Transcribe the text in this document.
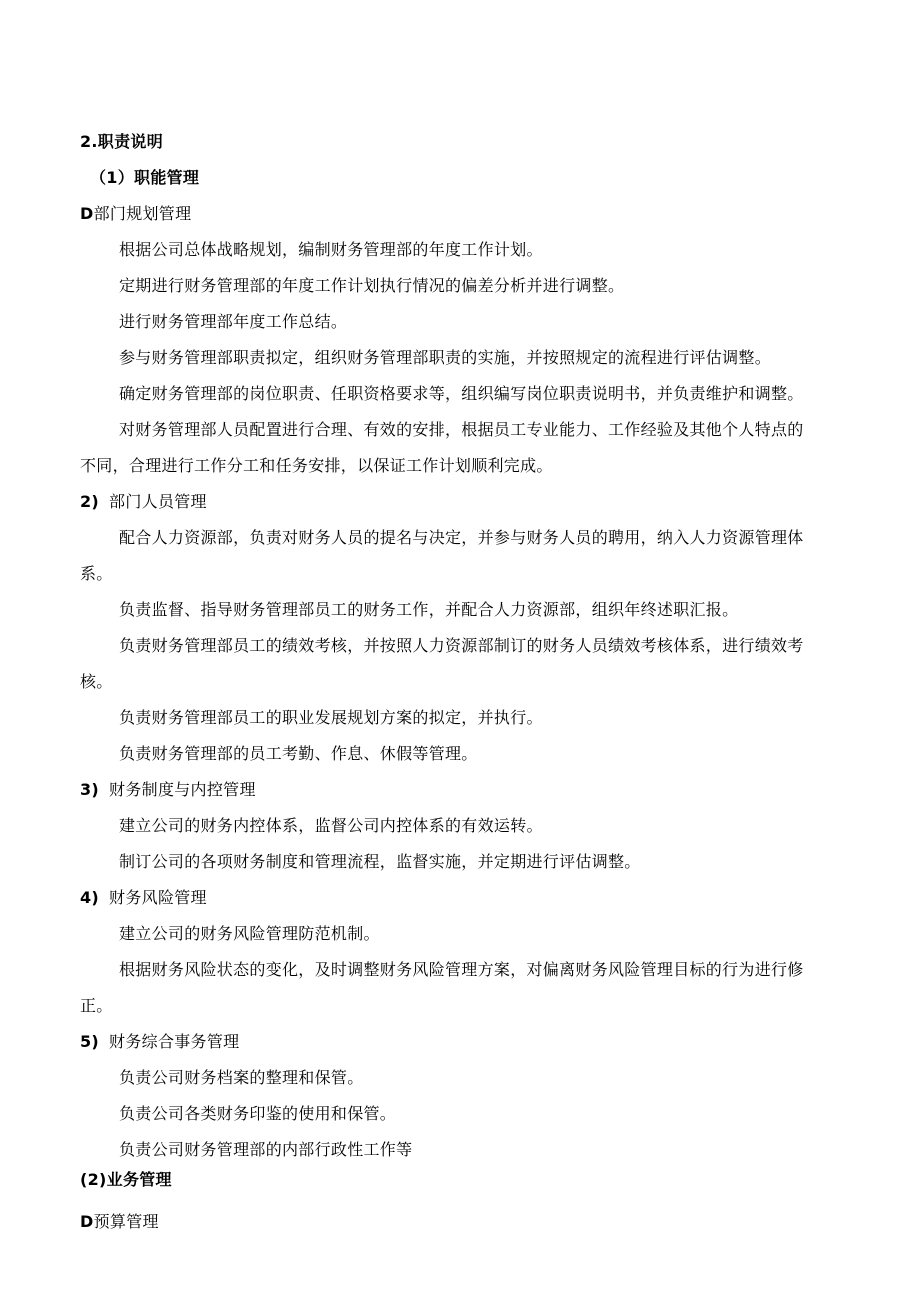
2.职责说明
（1）职能管理
D部门规划管理
根据公司总体战略规划，编制财务管理部的年度工作计划。
定期进行财务管理部的年度工作计划执行情况的偏差分析并进行调整。
进行财务管理部年度工作总结。
参与财务管理部职责拟定，组织财务管理部职责的实施，并按照规定的流程进行评估调整。
确定财务管理部的岗位职责、任职资格要求等，组织编写岗位职责说明书，并负责维护和调整。
对财务管理部人员配置进行合理、有效的安排，根据员工专业能力、工作经验及其他个人特点的
不同，合理进行工作分工和任务安排，以保证工作计划顺利完成。
2) 部门人员管理
配合人力资源部，负责对财务人员的提名与决定，并参与财务人员的聘用，纳入人力资源管理体
系。
负责监督、指导财务管理部员工的财务工作，并配合人力资源部，组织年终述职汇报。
负责财务管理部员工的绩效考核，并按照人力资源部制订的财务人员绩效考核体系，进行绩效考
核。
负责财务管理部员工的职业发展规划方案的拟定，并执行。
负责财务管理部的员工考勤、作息、休假等管理。
3) 财务制度与内控管理
建立公司的财务内控体系，监督公司内控体系的有效运转。
制订公司的各项财务制度和管理流程，监督实施，并定期进行评估调整。
4) 财务风险管理
建立公司的财务风险管理防范机制。
根据财务风险状态的变化，及时调整财务风险管理方案，对偏离财务风险管理目标的行为进行修
正。
5) 财务综合事务管理
负责公司财务档案的整理和保管。
负责公司各类财务印鉴的使用和保管。
负责公司财务管理部的内部行政性工作等
(2)业务管理
D预算管理
